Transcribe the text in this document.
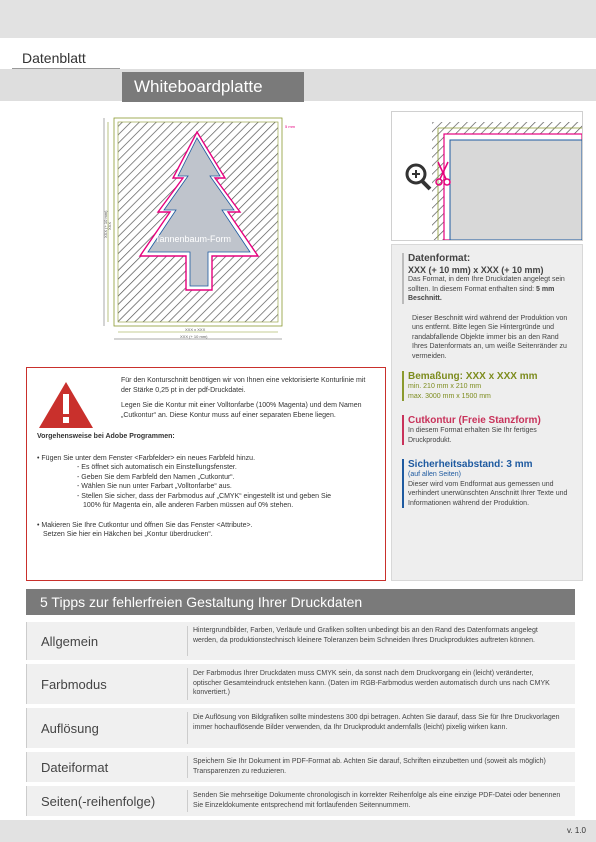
Datenblatt
Whiteboardplatte
Tannenbaum-Form
5 mm
XXX x XXX
XXX (+ 10 mm)
XXX
XXX (+ 10 mm)
Datenformat:
XXX (+ 10 mm) x XXX (+ 10 mm)
Das Format, in dem Ihre Druckdaten angelegt sein sollten. In diesem Format enthalten sind: 5 mm Beschnitt.
Dieser Beschnitt wird während der Produktion von uns entfernt. Bitte legen Sie Hintergründe und randabfallende Objekte immer bis an den Rand Ihres Datenformats an, um weiße Seitenränder zu vermeiden.
Bemaßung: XXX x XXX mm
min. 210 mm x 210 mm
max. 3000 mm x 1500 mm
Cutkontur (Freie Stanzform)
In diesem Format erhalten Sie Ihr fertiges Druckprodukt.
Sicherheitsabstand: 3 mm
(auf allen Seiten)
Dieser wird vom Endformat aus gemessen und verhindert unerwünschten Anschnitt Ihrer Texte und Informationen während der Produktion.

Für den Konturschnitt benötigen wir von Ihnen eine vektorisierte Konturlinie mit der Stärke 0,25 pt in der pdf-Druckdatei.

Legen Sie die Kontur mit einer Volltonfarbe (100% Magenta) und dem Namen „Cutkontur“ an. Diese Kontur muss auf einer separaten Ebene liegen.

Vorgehensweise bei Adobe Programmen:

• Fügen Sie unter dem Fenster <Farbfelder> ein neues Farbfeld hinzu.

- Es öffnet sich automatisch ein Einstellungsfenster.

- Geben Sie dem Farbfeld den Namen „Cutkontur“.

- Wählen Sie nun unter Farbart „Volltonfarbe“ aus.

- Stellen Sie sicher, dass der Farbmodus auf „CMYK“ eingestellt ist und geben Sie

100% für Magenta ein, alle anderen Farben müssen auf 0% stehen.

• Makieren Sie Ihre Cutkontur und öffnen Sie das Fenster <Attribute>.

Setzen Sie hier ein Häkchen bei „Kontur überdrucken“.

5 Tipps zur fehlerfreien Gestaltung Ihrer Druckdaten
Allgemein
Hintergrundbilder, Farben, Verläufe und Grafiken sollten unbedingt bis an den Rand des Datenformats angelegt werden, da produktionstechnisch kleinere Toleranzen beim Schneiden Ihres Druckproduktes auftreten können.
Farbmodus
Der Farbmodus Ihrer Druckdaten muss CMYK sein, da sonst nach dem Druckvorgang ein (leicht) veränderter, optischer Gesamteindruck entstehen kann. (Daten im RGB-Farbmodus werden automatisch durch uns nach CMYK konvertiert.)
Auflösung
Die Auflösung von Bildgrafiken sollte mindestens 300 dpi betragen. Achten Sie darauf, dass Sie für Ihre Druckvorlagen immer hochauflösende Bilder verwenden, da Ihr Druckprodukt andernfalls (leicht) pixelig wirken kann.
Dateiformat	Speichern Sie Ihr Dokument im PDF-Format ab. Achten Sie darauf, Schriften einzubetten und (soweit als möglich) Transparenzen zu reduzieren.
Seiten(-reihenfolge)	Senden Sie mehrseitige Dokumente chronologisch in korrekter Reihenfolge als eine einzige PDF-Datei oder benennen Sie Einzeldokumente entsprechend mit fortlaufenden Seitennummern.
v. 1.0
